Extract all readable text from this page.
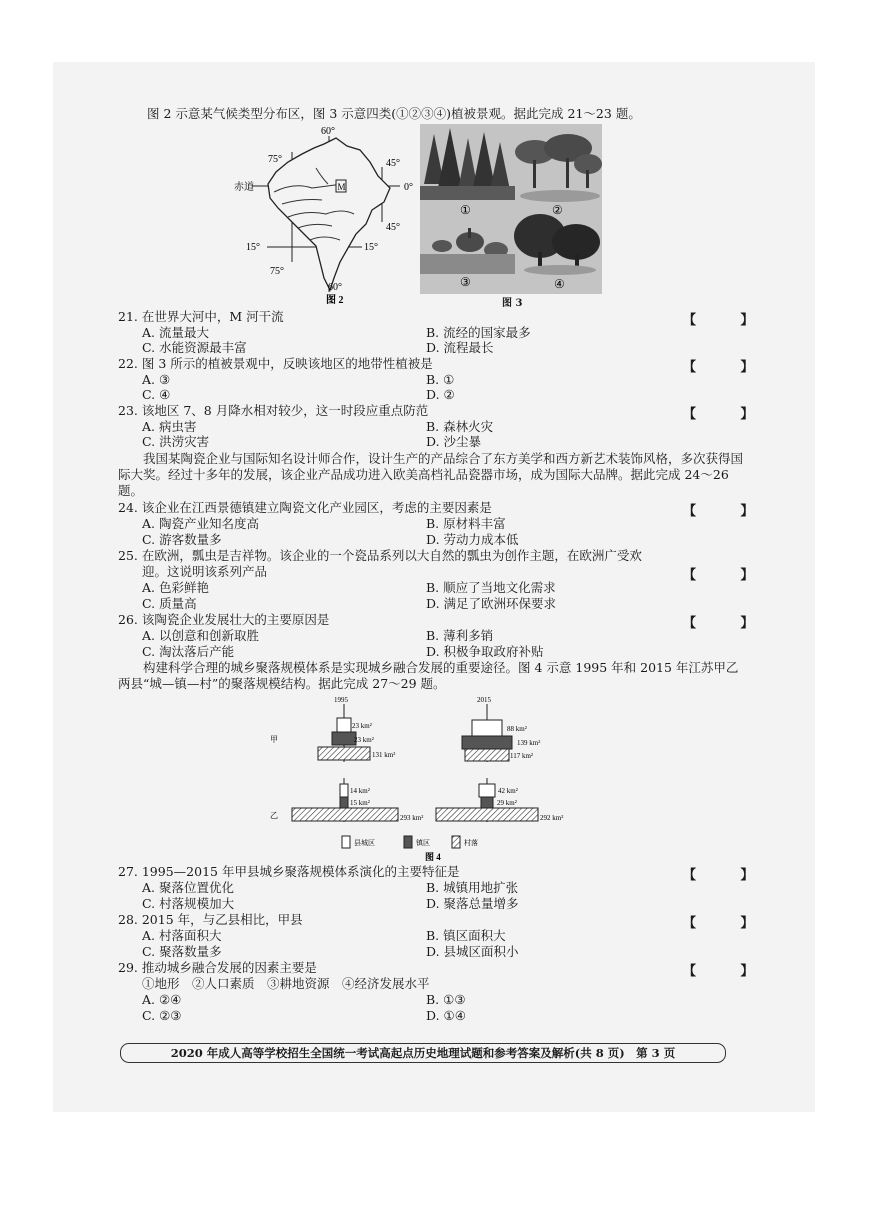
图 2 示意某气候类型分布区，图 3 示意四类(①②③④)植被景观。据此完成 21～23 题。
M
60°
75°	45°
赤道	0°
45°
15°	15°
75°
60°
图 2
①	②
③	④
图 3
21. 在世界大河中，M 河干流	【 】
A. 流量最大	B. 流经的国家最多
C. 水能资源最丰富	D. 流程最长
22. 图 3 所示的植被景观中，反映该地区的地带性植被是	【 】
A. ③	B. ①
C. ④	D. ②
23. 该地区 7、8 月降水相对较少，这一时段应重点防范	【 】
A. 病虫害	B. 森林火灾
C. 洪涝灾害	D. 沙尘暴
我国某陶瓷企业与国际知名设计师合作，设计生产的产品综合了东方美学和西方新艺术装饰风格，多次获得国际大奖。经过十多年的发展，该企业产品成功进入欧美高档礼品瓷器市场，成为国际大品牌。据此完成 24～26 题。
24. 该企业在江西景德镇建立陶瓷文化产业园区，考虑的主要因素是	【 】
A. 陶瓷产业知名度高	B. 原材料丰富
C. 游客数量多	D. 劳动力成本低
25. 在欧洲，瓢虫是吉祥物。该企业的一个瓷品系列以大自然的瓢虫为创作主题，在欧洲广受欢
迎。这说明该系列产品	【 】
A. 色彩鲜艳	B. 顺应了当地文化需求
C. 质量高	D. 满足了欧洲环保要求
26. 该陶瓷企业发展壮大的主要原因是	【 】
A. 以创意和创新取胜	B. 薄利多销
C. 淘汰落后产能	D. 积极争取政府补贴
构建科学合理的城乡聚落规模体系是实现城乡融合发展的重要途径。图 4 示意 1995 年和 2015 年江苏甲乙两县“城—镇—村”的聚落规模结构。据此完成 27～29 题。
1995	2015
23 km²
23 km²
131 km²
甲
88 km²
139 km²
117 km²
14 km²
15 km²
293 km²
乙
42 km²
29 km²
292 km²
县城区	镇区	村落
图 4
27. 1995—2015 年甲县城乡聚落规模体系演化的主要特征是	【 】
A. 聚落位置优化	B. 城镇用地扩张
C. 村落规模加大	D. 聚落总量增多
28. 2015 年，与乙县相比，甲县	【 】
A. 村落面积大	B. 镇区面积大
C. 聚落数量多	D. 县城区面积小
29. 推动城乡融合发展的因素主要是	【 】
①地形　②人口素质　③耕地资源　④经济发展水平
A. ②④	B. ①③
C. ②③	D. ①④
2020 年成人高等学校招生全国统一考试高起点历史地理试题和参考答案及解析(共 8 页)　第 3 页
